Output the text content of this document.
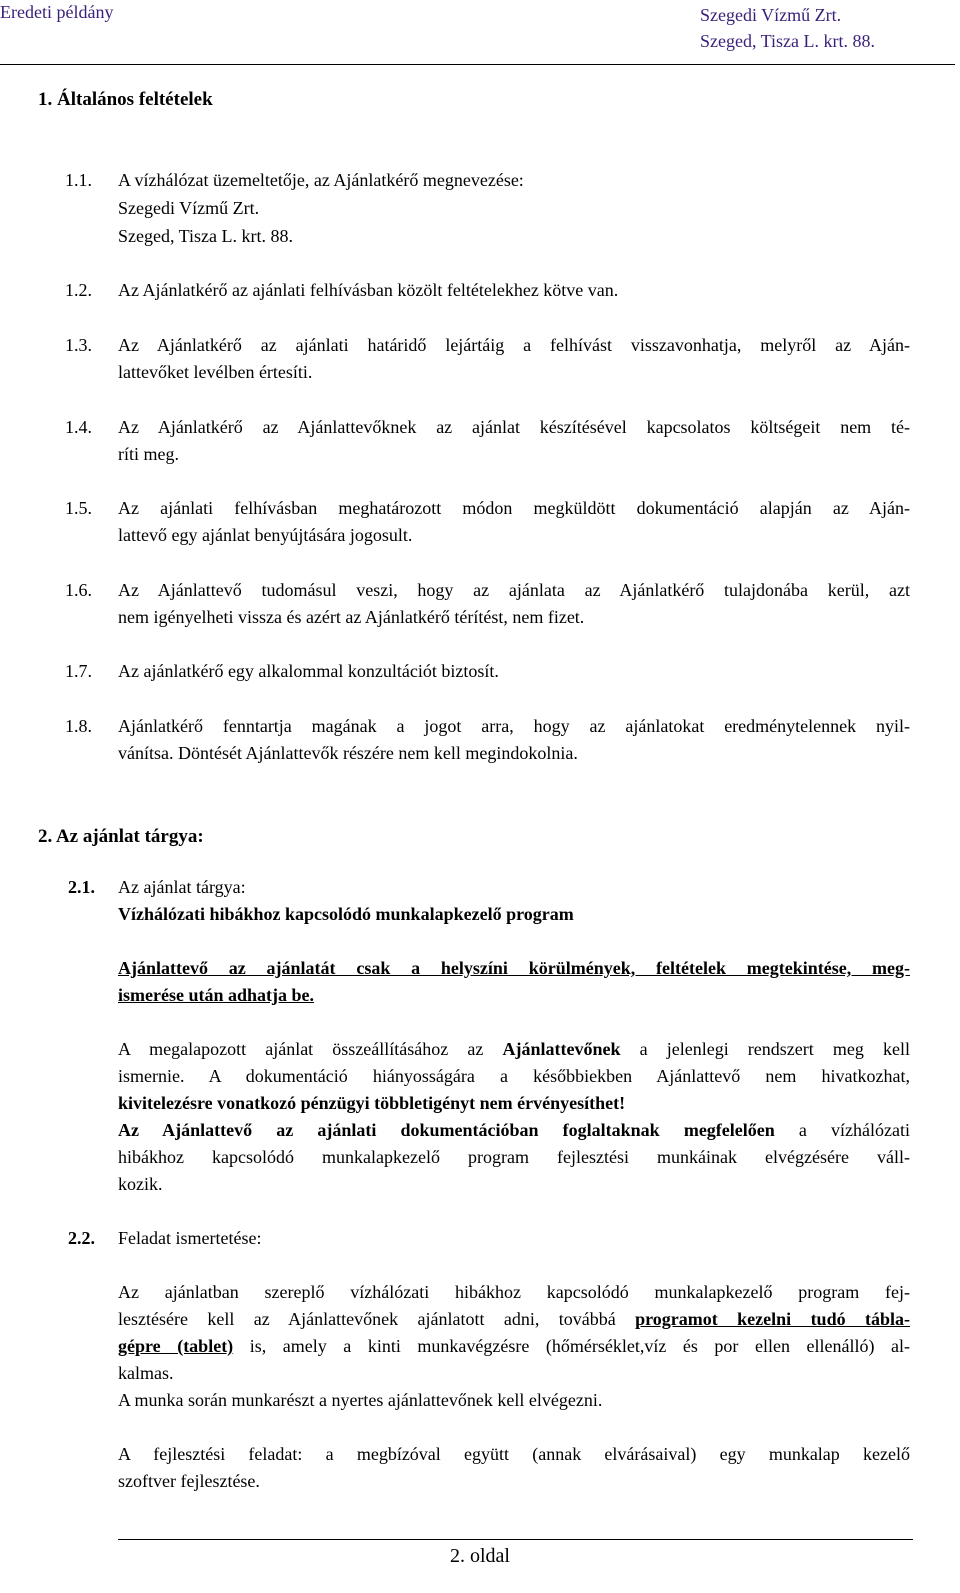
Eredeti példány	Szegedi Vízmű Zrt.
Szeged, Tisza L. krt. 88.
1. Általános feltételek
1.1. A vízhálózat üzemeltetője, az Ajánlatkérő megnevezése:
Szegedi Vízmű Zrt.
Szeged, Tisza L. krt. 88.
1.2. Az Ajánlatkérő az ajánlati felhívásban közölt feltételekhez kötve van.
1.3. Az Ajánlatkérő az ajánlati határidő lejártáig a felhívást visszavonhatja, melyről az Aján-
lattevőket levélben értesíti.
1.4. Az Ajánlatkérő az Ajánlattevőknek az ajánlat készítésével kapcsolatos költségeit nem té-
ríti meg.
1.5. Az ajánlati felhívásban meghatározott módon megküldött dokumentáció alapján az Aján-
lattevő egy ajánlat benyújtására jogosult.
1.6. Az Ajánlattevő tudomásul veszi, hogy az ajánlata az Ajánlatkérő tulajdonába kerül, azt
nem igényelheti vissza és azért az Ajánlatkérő térítést, nem fizet.
1.7. Az ajánlatkérő egy alkalommal konzultációt biztosít.
1.8. Ajánlatkérő fenntartja magának a jogot arra, hogy az ajánlatokat eredménytelennek nyil-
vánítsa. Döntését Ajánlattevők részére nem kell megindokolnia.
2. Az ajánlat tárgya:
2.1. Az ajánlat tárgya:
Vízhálózati hibákhoz kapcsolódó munkalapkezelő program
Ajánlattevő az ajánlatát csak a helyszíni körülmények, feltételek megtekintése, meg-
ismerése után adhatja be.
A megalapozott ajánlat összeállításához az Ajánlattevőnek a jelenlegi rendszert meg kell
ismernie. A dokumentáció hiányosságára a későbbiekben Ajánlattevő nem hivatkozhat,
kivitelezésre vonatkozó pénzügyi többletigényt nem érvényesíthet!
Az Ajánlattevő az ajánlati dokumentációban foglaltaknak megfelelően a vízhálózati
hibákhoz kapcsolódó munkalapkezelő program fejlesztési munkáinak elvégzésére váll-
kozik.
2.2. Feladat ismertetése:
Az ajánlatban szereplő vízhálózati hibákhoz kapcsolódó munkalapkezelő program fej-
lesztésére kell az Ajánlattevőnek ajánlatott adni, továbbá programot kezelni tudó tábla-
gépre (tablet) is, amely a kinti munkavégzésre (hőmérséklet,víz és por ellen ellenálló) al-
kalmas.
A munka során munkarészt a nyertes ajánlattevőnek kell elvégezni.
A fejlesztési feladat: a megbízóval együtt (annak elvárásaival) egy munkalap kezelő
szoftver fejlesztése.
2. oldal
